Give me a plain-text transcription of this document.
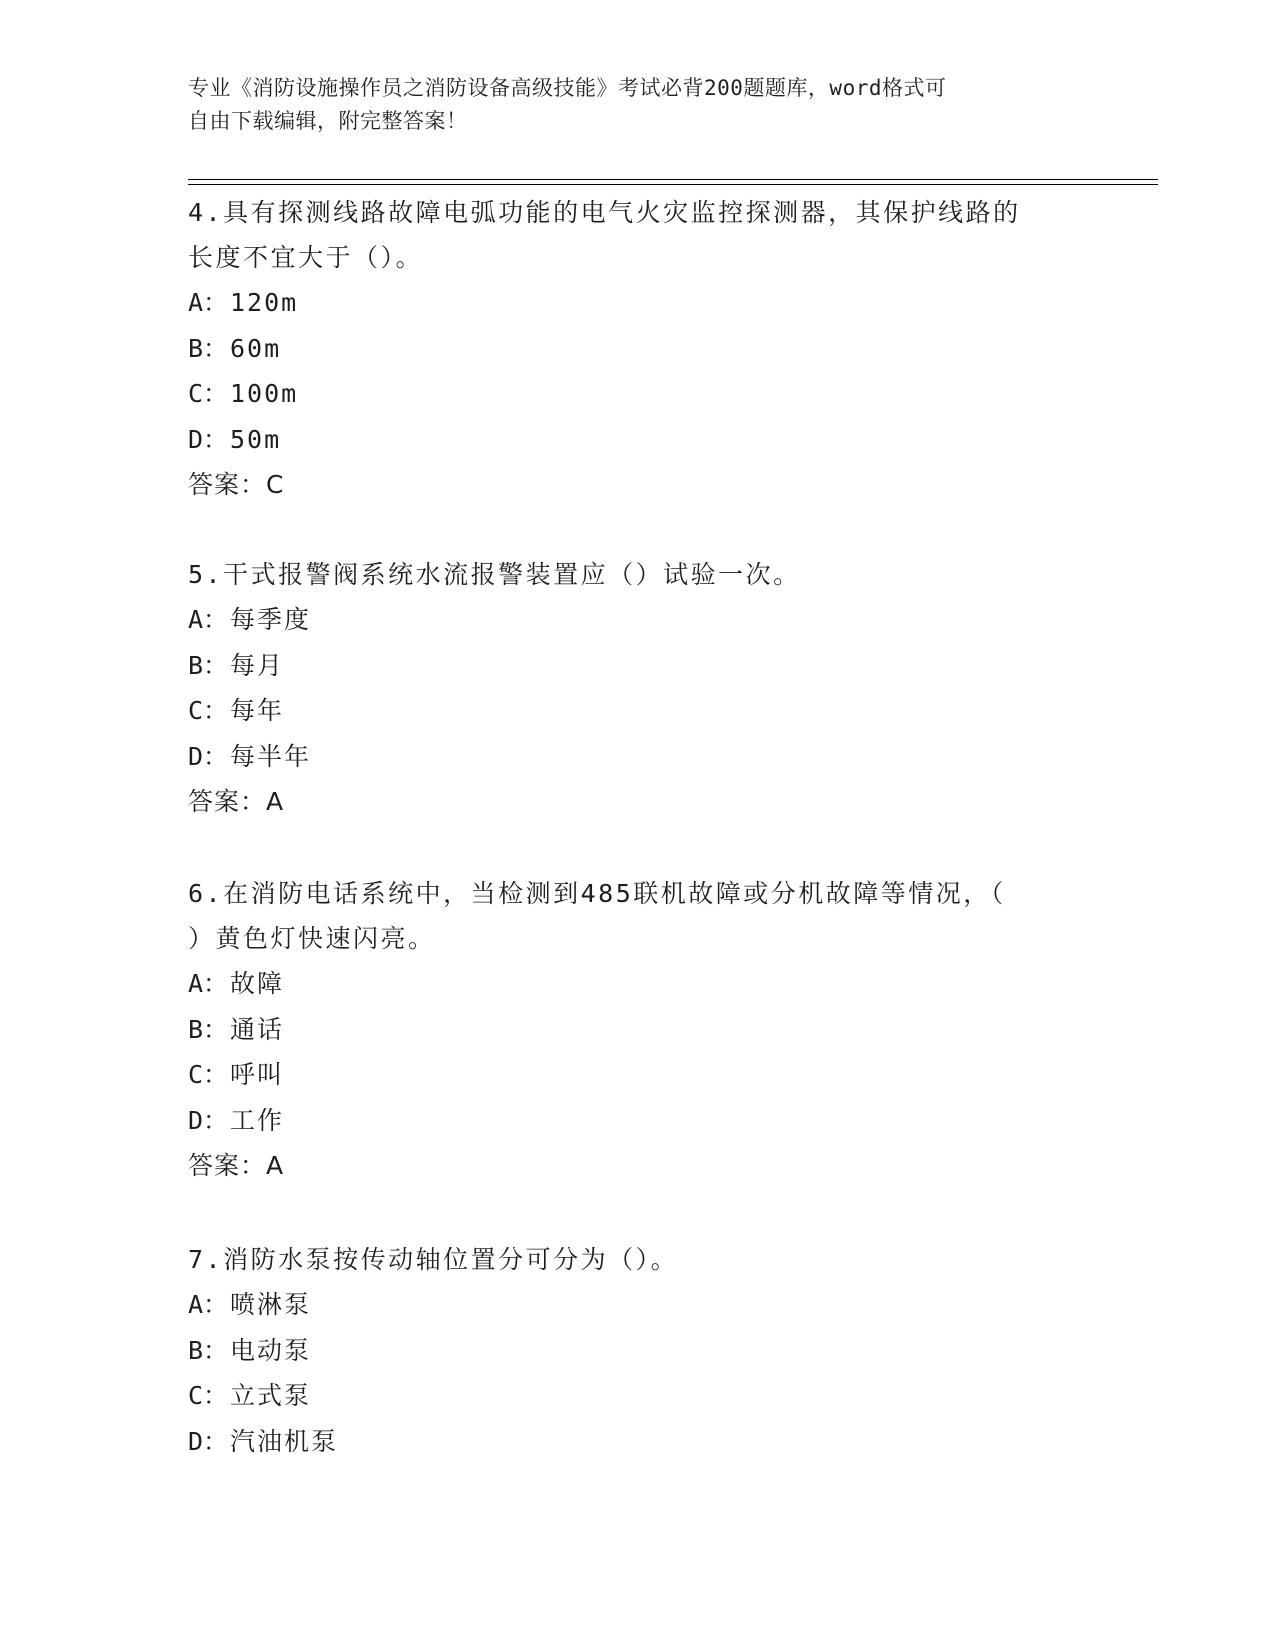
专业《消防设施操作员之消防设备高级技能》考试必背200题题库，word格式可
自由下载编辑，附完整答案！
4.具有探测线路故障电弧功能的电气火灾监控探测器，其保护线路的
长度不宜大于（）。
A：120m
B：60m
C：100m
D：50m
答案：C
5.干式报警阀系统水流报警装置应（）试验一次。
A：每季度
B：每月
C：每年
D：每半年
答案：A
6.在消防电话系统中，当检测到485联机故障或分机故障等情况，（
）黄色灯快速闪亮。
A：故障
B：通话
C：呼叫
D：工作
答案：A
7.消防水泵按传动轴位置分可分为（）。
A：喷淋泵
B：电动泵
C：立式泵
D：汽油机泵
